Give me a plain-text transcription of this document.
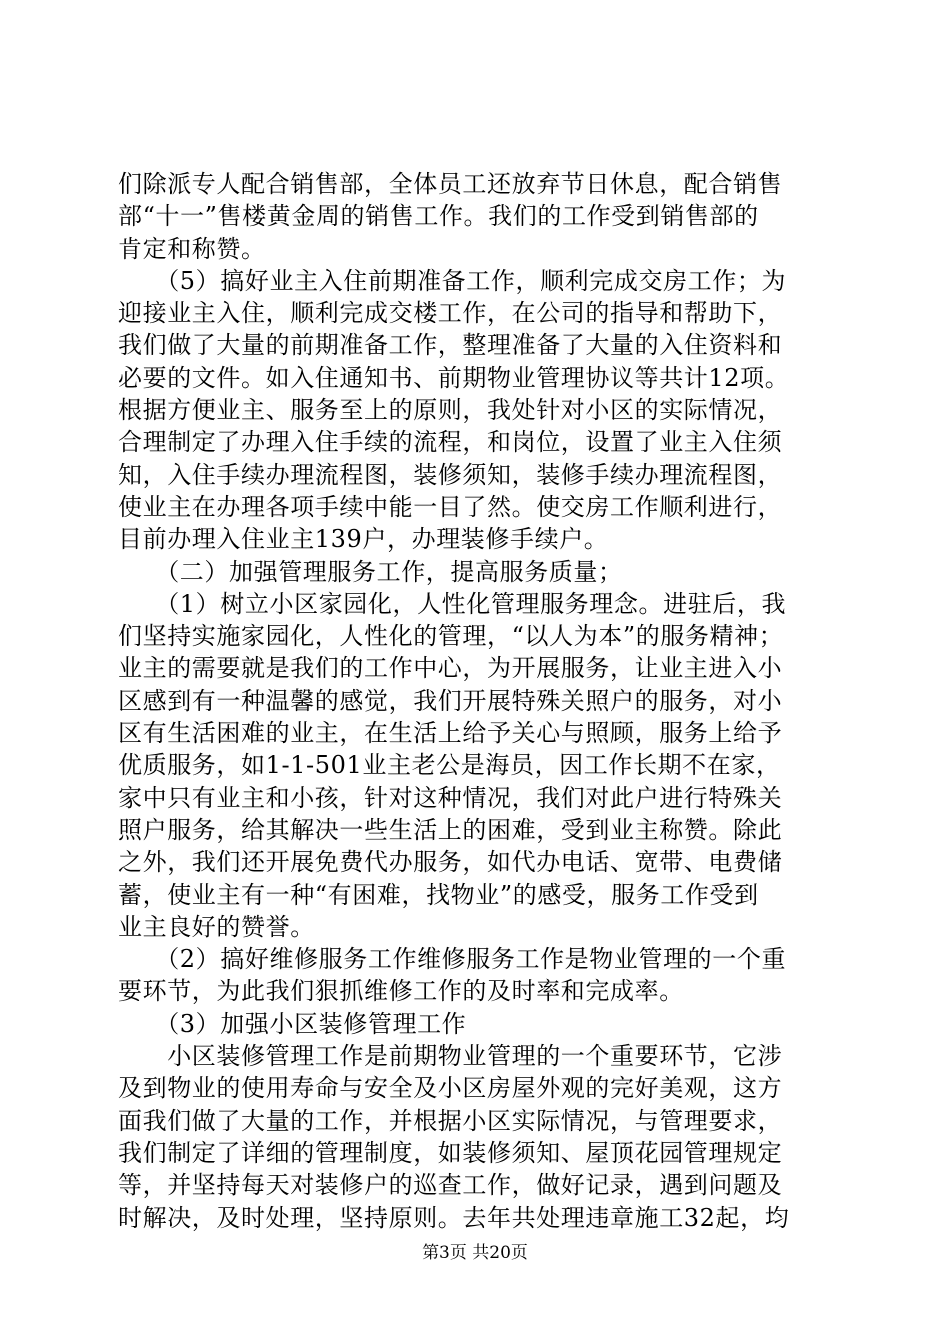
们除派专人配合销售部，全体员工还放弃节日休息，配合销售
部“十一”售楼黄金周的销售工作。我们的工作受到销售部的
肯定和称赞。
　　（5）搞好业主入住前期准备工作，顺利完成交房工作；为
迎接业主入住，顺利完成交楼工作，在公司的指导和帮助下，
我们做了大量的前期准备工作，整理准备了大量的入住资料和
必要的文件。如入住通知书、前期物业管理协议等共计12项。
根据方便业主、服务至上的原则，我处针对小区的实际情况，
合理制定了办理入住手续的流程，和岗位，设置了业主入住须
知，入住手续办理流程图，装修须知，装修手续办理流程图，
使业主在办理各项手续中能一目了然。使交房工作顺利进行，
目前办理入住业主139户，办理装修手续户。
　　（二）加强管理服务工作，提高服务质量；
　　（1）树立小区家园化，人性化管理服务理念。进驻后，我
们坚持实施家园化，人性化的管理，“以人为本”的服务精神；
业主的需要就是我们的工作中心，为开展服务，让业主进入小
区感到有一种温馨的感觉，我们开展特殊关照户的服务，对小
区有生活困难的业主，在生活上给予关心与照顾，服务上给予
优质服务，如1-1-501业主老公是海员，因工作长期不在家，
家中只有业主和小孩，针对这种情况，我们对此户进行特殊关
照户服务，给其解决一些生活上的困难，受到业主称赞。除此
之外，我们还开展免费代办服务，如代办电话、宽带、电费储
蓄，使业主有一种“有困难，找物业”的感受，服务工作受到
业主良好的赞誉。
　　（2）搞好维修服务工作维修服务工作是物业管理的一个重
要环节，为此我们狠抓维修工作的及时率和完成率。
　　（3）加强小区装修管理工作
　　小区装修管理工作是前期物业管理的一个重要环节，它涉
及到物业的使用寿命与安全及小区房屋外观的完好美观，这方
面我们做了大量的工作，并根据小区实际情况，与管理要求，
我们制定了详细的管理制度，如装修须知、屋顶花园管理规定
等，并坚持每天对装修户的巡查工作，做好记录，遇到问题及
时解决，及时处理，坚持原则。去年共处理违章施工32起，均
第3页 共20页
